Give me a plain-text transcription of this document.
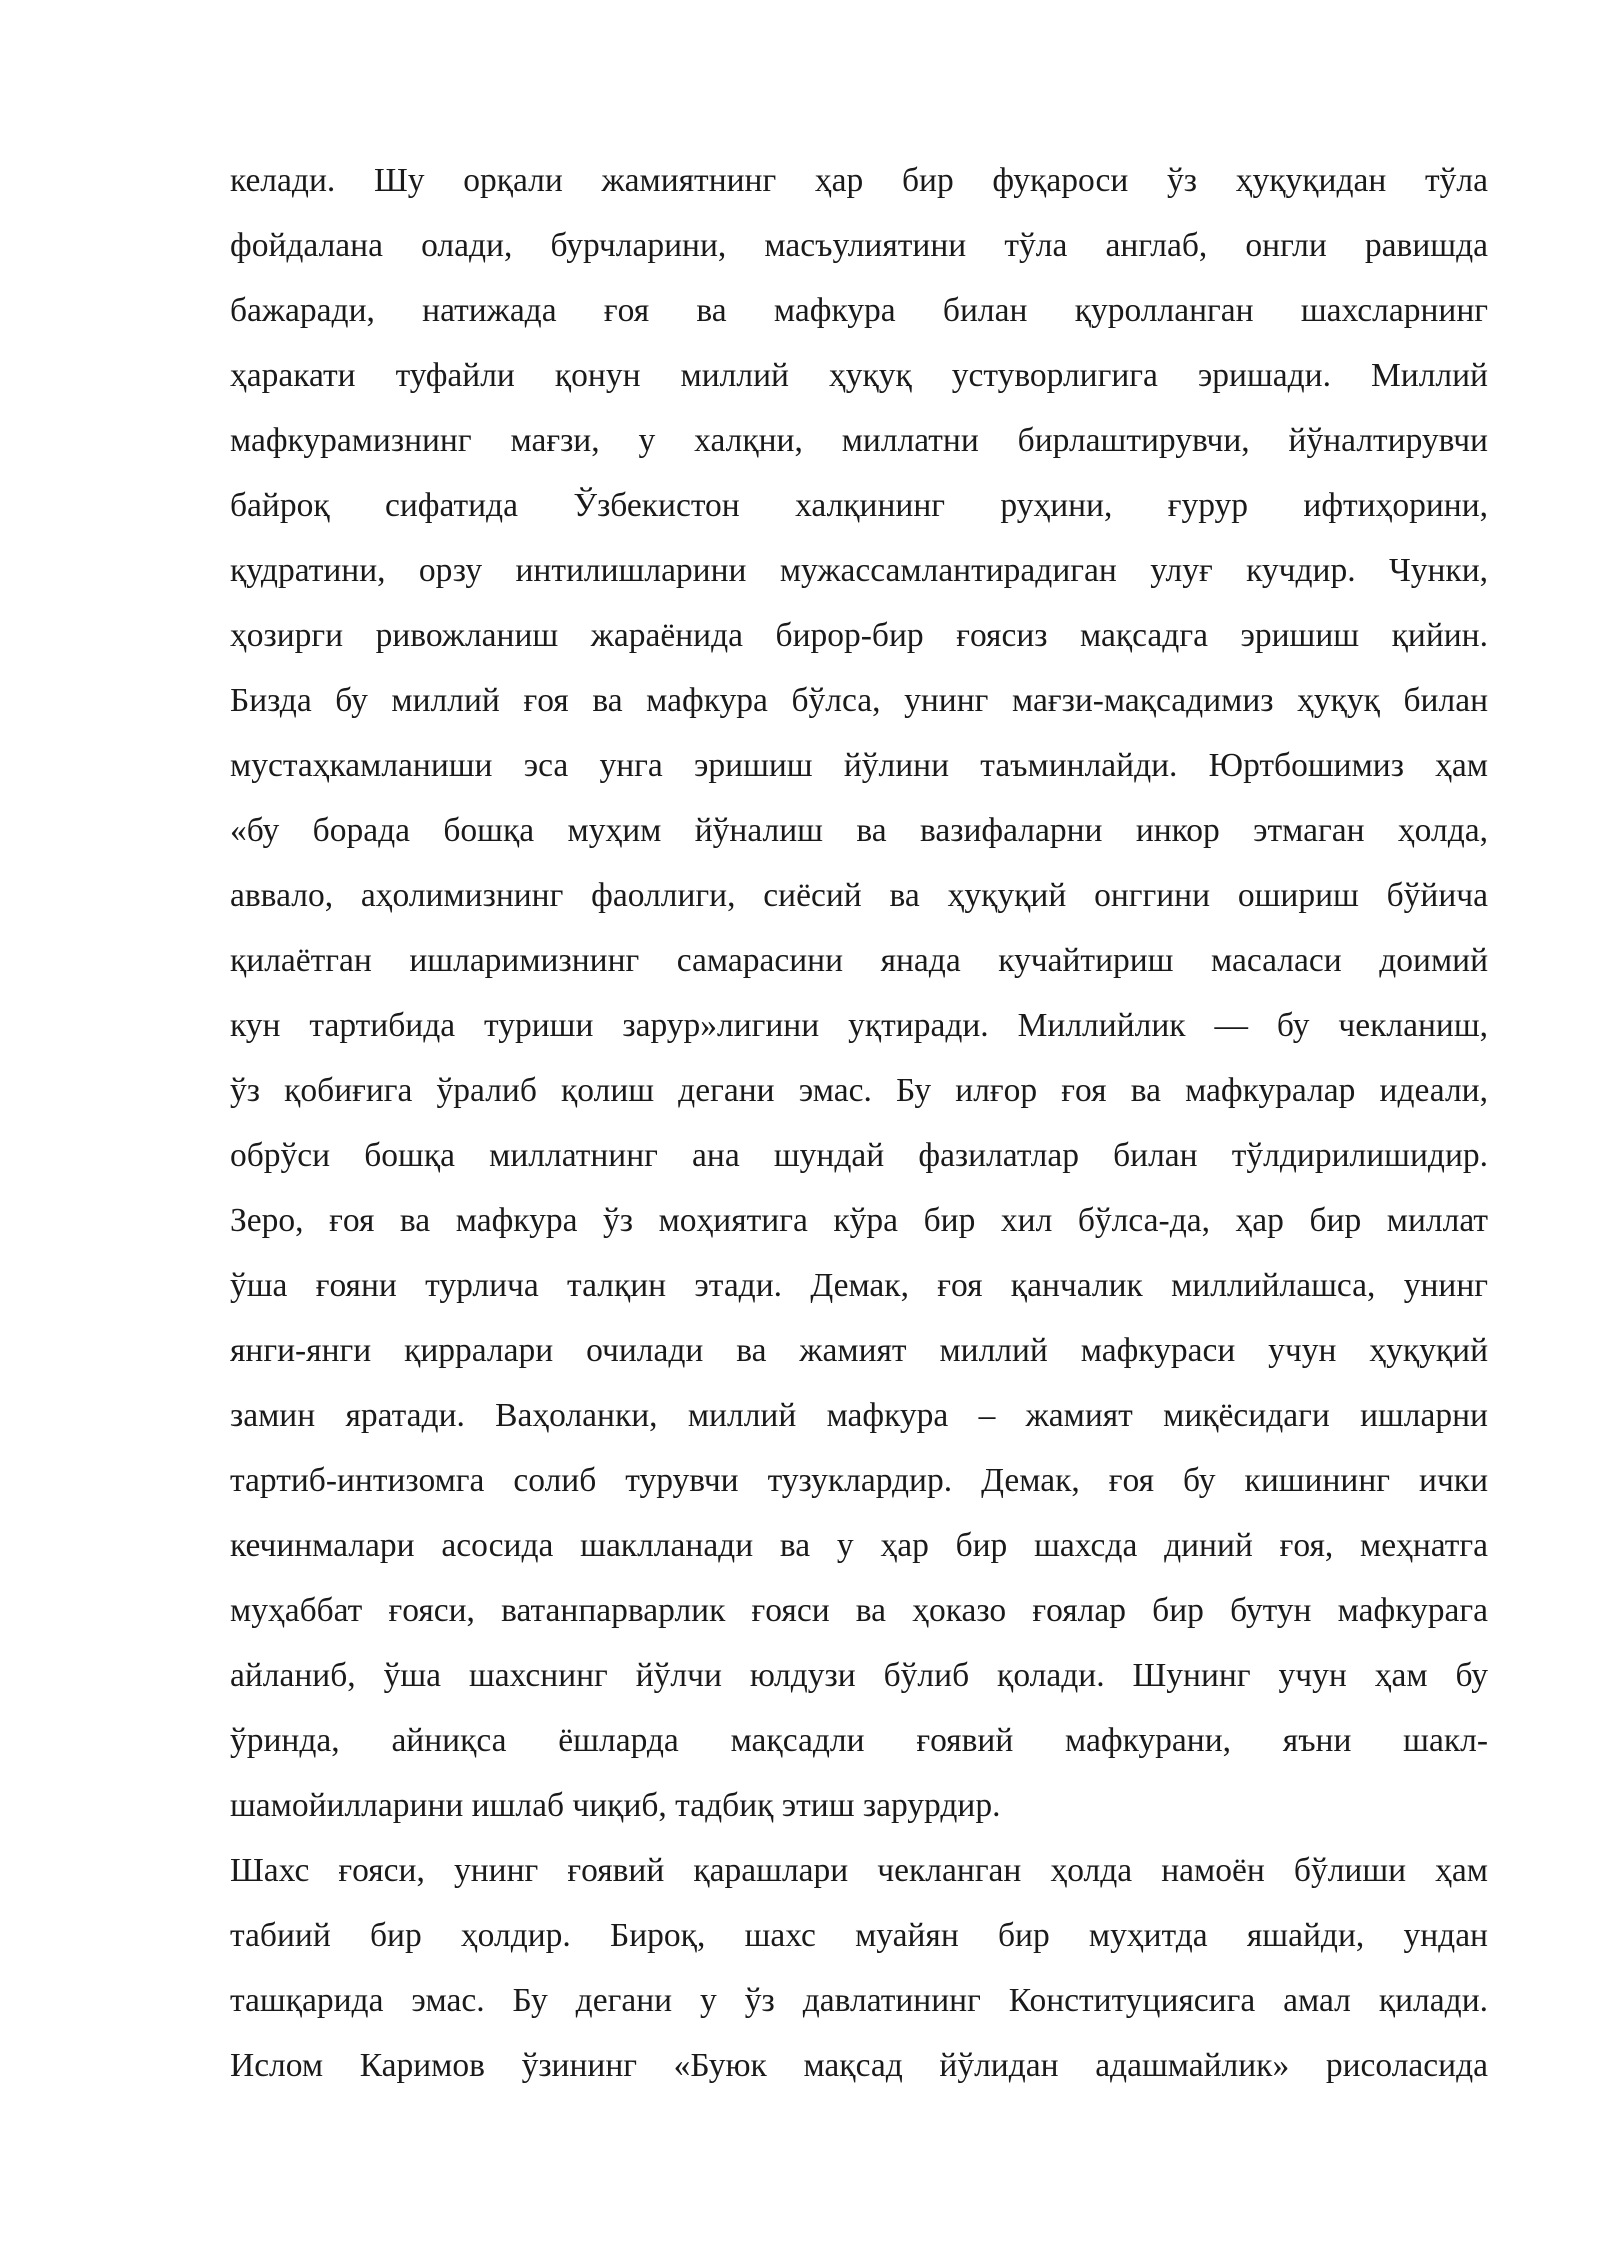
келади. Шу орқали жамиятнинг ҳар бир фуқароси ўз ҳуқуқидан тўла
фойдалана олади, бурчларини, масъулиятини тўла англаб, онгли равишда
бажаради, натижада ғоя ва мафкура билан қуролланган шахсларнинг
ҳаракати туфайли қонун миллий ҳуқуқ устуворлигига эришади. Миллий
мафкурамизнинг мағзи, у халқни, миллатни бирлаштирувчи, йўналтирувчи
байроқ сифатида Ўзбекистон халқининг руҳини, ғурур ифтиҳорини,
қудратини, орзу интилишларини мужассамлантирадиган улуғ кучдир. Чунки,
ҳозирги ривожланиш жараёнида бирор-бир ғоясиз мақсадга эришиш қийин.
Бизда бу миллий ғоя ва мафкура бўлса, унинг мағзи-мақсадимиз ҳуқуқ билан
мустаҳкамланиши эса унга эришиш йўлини таъминлайди. Юртбошимиз ҳам
«бу борада бошқа муҳим йўналиш ва вазифаларни инкор этмаган ҳолда,
аввало, аҳолимизнинг фаоллиги, сиёсий ва ҳуқуқий онггини ошириш бўйича
қилаётган ишларимизнинг самарасини янада кучайтириш масаласи доимий
кун тартибида туриши зарур»лигини уқтиради. Миллийлик — бу чекланиш,
ўз қобиғига ўралиб қолиш дегани эмас. Бу илғор ғоя ва мафкуралар идеали,
обрўси бошқа миллатнинг ана шундай фазилатлар билан тўлдирилишидир.
Зеро, ғоя ва мафкура ўз моҳиятига кўра бир хил бўлса-да, ҳар бир миллат
ўша ғояни турлича талқин этади. Демак, ғоя қанчалик миллийлашса, унинг
янги-янги қирралари очилади ва жамият миллий мафкураси учун ҳуқуқий
замин яратади. Ваҳоланки, миллий мафкура – жамият миқёсидаги ишларни
тартиб-интизомга солиб турувчи тузуклардир. Демак, ғоя бу кишининг ички
кечинмалари асосида шаклланади ва у ҳар бир шахсда диний ғоя, меҳнатга
муҳаббат ғояси, ватанпарварлик ғояси ва ҳоказо ғоялар бир бутун мафкурага
айланиб, ўша шахснинг йўлчи юлдузи бўлиб қолади. Шунинг учун ҳам бу
ўринда, айниқса ёшларда мақсадли ғоявий мафкурани, яъни шакл-
шамойилларини ишлаб чиқиб, тадбиқ этиш зарурдир.
Шахс ғояси, унинг ғоявий қарашлари чекланган ҳолда намоён бўлиши ҳам
табиий бир ҳолдир. Бироқ, шахс муайян бир муҳитда яшайди, ундан
ташқарида эмас. Бу дегани у ўз давлатининг Конституциясига амал қилади.
Ислом Каримов ўзининг «Буюк мақсад йўлидан адашмайлик» рисоласида
